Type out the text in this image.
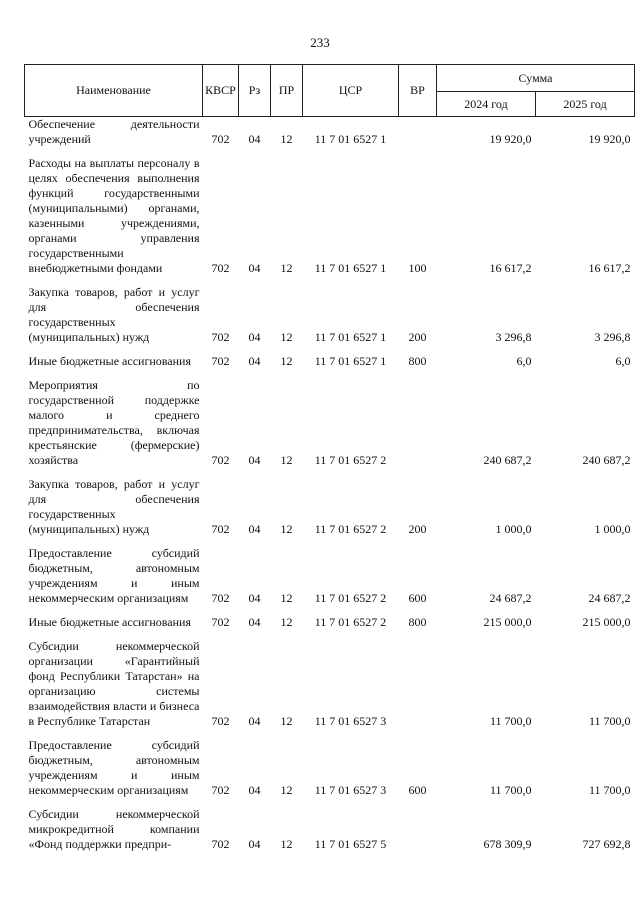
233
Наименование	КВСР	Рз	ПР	ЦСР	ВР	Сумма	
						2024 год	2025 год
Обеспечение деятельности учреждений	702	04	12	11 7 01 6527 1		19 920,0	19 920,0

Расходы на выплаты персоналу в целях обеспечения выполнения функций государственными (муниципальными) органами, казенными учреждениями, органами управления государственными внебюджетными фондами	702	04	12	11 7 01 6527 1	100	16 617,2	16 617,2

Закупка товаров, работ и услуг для обеспечения государственных (муниципальных) нужд	702	04	12	11 7 01 6527 1	200	3 296,8	3 296,8

Иные бюджетные ассигнования	702	04	12	11 7 01 6527 1	800	6,0	6,0

Мероприятия по государственной поддержке малого и среднего предпринимательства, включая крестьянские (фермерские) хозяйства	702	04	12	11 7 01 6527 2		240 687,2	240 687,2

Закупка товаров, работ и услуг для обеспечения государственных (муниципальных) нужд	702	04	12	11 7 01 6527 2	200	1 000,0	1 000,0

Предоставление субсидий бюджетным, автономным учреждениям и иным некоммерческим организациям	702	04	12	11 7 01 6527 2	600	24 687,2	24 687,2

Иные бюджетные ассигнования	702	04	12	11 7 01 6527 2	800	215 000,0	215 000,0

Субсидии некоммерческой организации «Гарантийный фонд Республики Татарстан» на организацию системы взаимодействия власти и бизнеса в Республике Татарстан	702	04	12	11 7 01 6527 3		11 700,0	11 700,0

Предоставление субсидий бюджетным, автономным учреждениям и иным некоммерческим организациям	702	04	12	11 7 01 6527 3	600	11 700,0	11 700,0

Субсидии некоммерческой микрокредитной компании «Фонд поддержки предпри-	702	04	12	11 7 01 6527 5		678 309,9	727 692,8
